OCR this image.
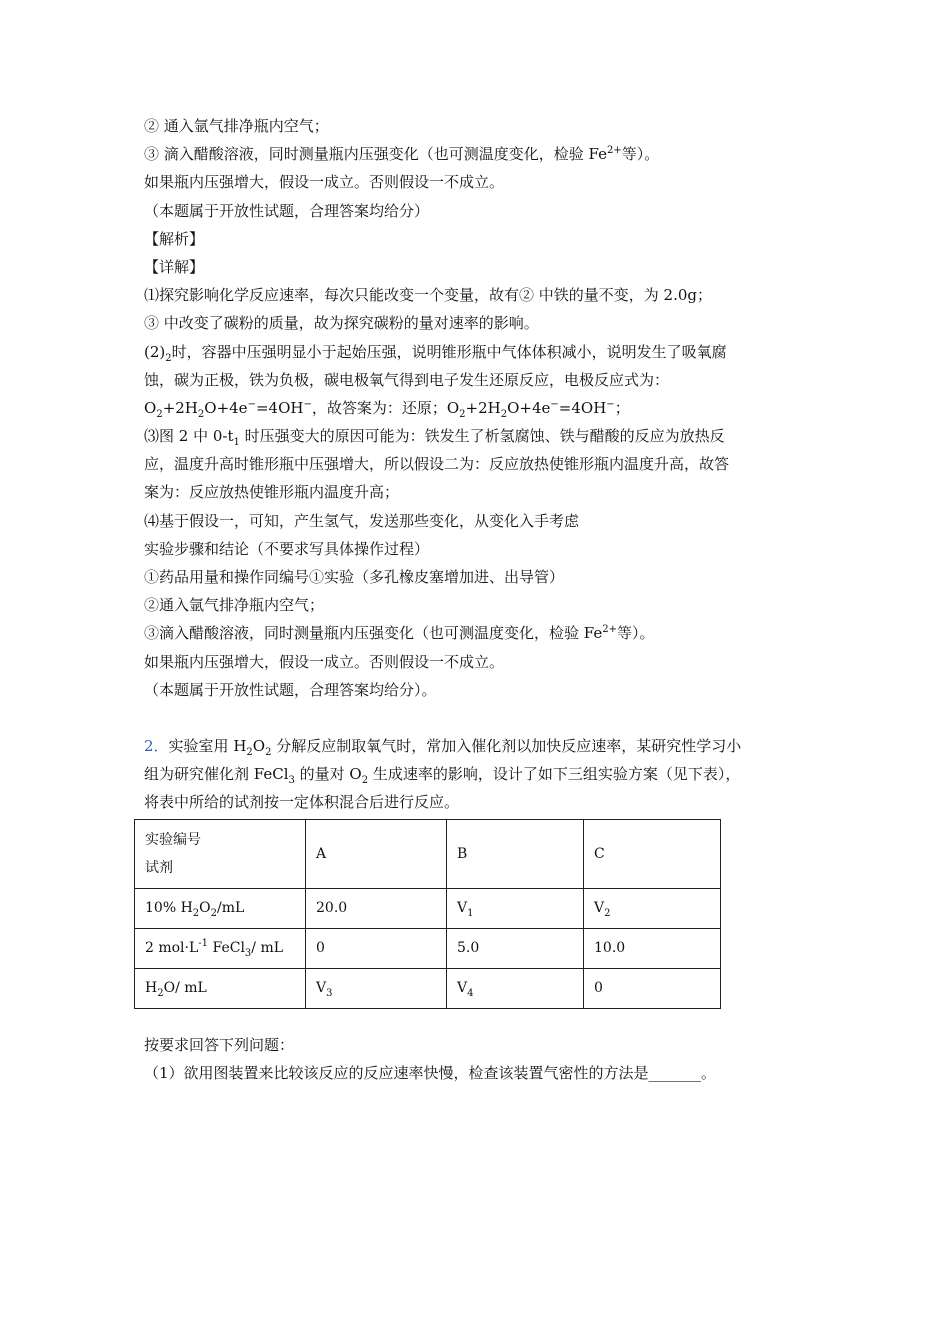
② 通入氩气排净瓶内空气；
③ 滴入醋酸溶液，同时测量瓶内压强变化（也可测温度变化，检验 $Fe^{2+}$等）。
如果瓶内压强增大，假设一成立。否则假设一不成立。
（本题属于开放性试题，合理答案均给分）
【解析】
【详解】
⑴探究影响化学反应速率，每次只能改变一个变量，故有② 中铁的量不变，为 2.0g；
③ 中改变了碳粉的质量，故为探究碳粉的量对速率的影响。
$(2)_2$时，容器中压强明显小于起始压强，说明锥形瓶中气体体积减小，说明发生了吸氧腐
蚀，碳为正极，铁为负极，碳电极氧气得到电子发生还原反应，电极反应式为：
$O_2+2H_2O+4e^-=4OH^-$，故答案为：还原；$O_2+2H_2O+4e^-=4OH^-$；
⑶图 2 中 $0-t_1$ 时压强变大的原因可能为：铁发生了析氢腐蚀、铁与醋酸的反应为放热反
应，温度升高时锥形瓶中压强增大，所以假设二为：反应放热使锥形瓶内温度升高，故答
案为：反应放热使锥形瓶内温度升高；
⑷基于假设一，可知，产生氢气，发送那些变化，从变化入手考虑
实验步骤和结论（不要求写具体操作过程）
①药品用量和操作同编号①实验（多孔橡皮塞增加进、出导管）
②通入氩气排净瓶内空气；
③滴入醋酸溶液，同时测量瓶内压强变化（也可测温度变化，检验 $Fe^{2+}$等）。
如果瓶内压强增大，假设一成立。否则假设一不成立。
（本题属于开放性试题，合理答案均给分）。
2．实验室用 $H_2O_2$ 分解反应制取氧气时，常加入催化剂以加快反应速率，某研究性学习小
组为研究催化剂 FeCl$_3$ 的量对 $O_2$ 生成速率的影响，设计了如下三组实验方案（见下表），
将表中所给的试剂按一定体积混合后进行反应。
实验编号
试剂	A	B	C
10% $H_2O_2/mL$	20.0	$V_1$	$V_2$
2 $mol\cdot L^{-1}$ FeCl$_3$/ mL	0	5.0	10.0
$H_2O/$ mL	$V_3$	$V_4$	0
按要求回答下列问题：
（1）欲用图装置来比较该反应的反应速率快慢，检查该装置气密性的方法是_______。
